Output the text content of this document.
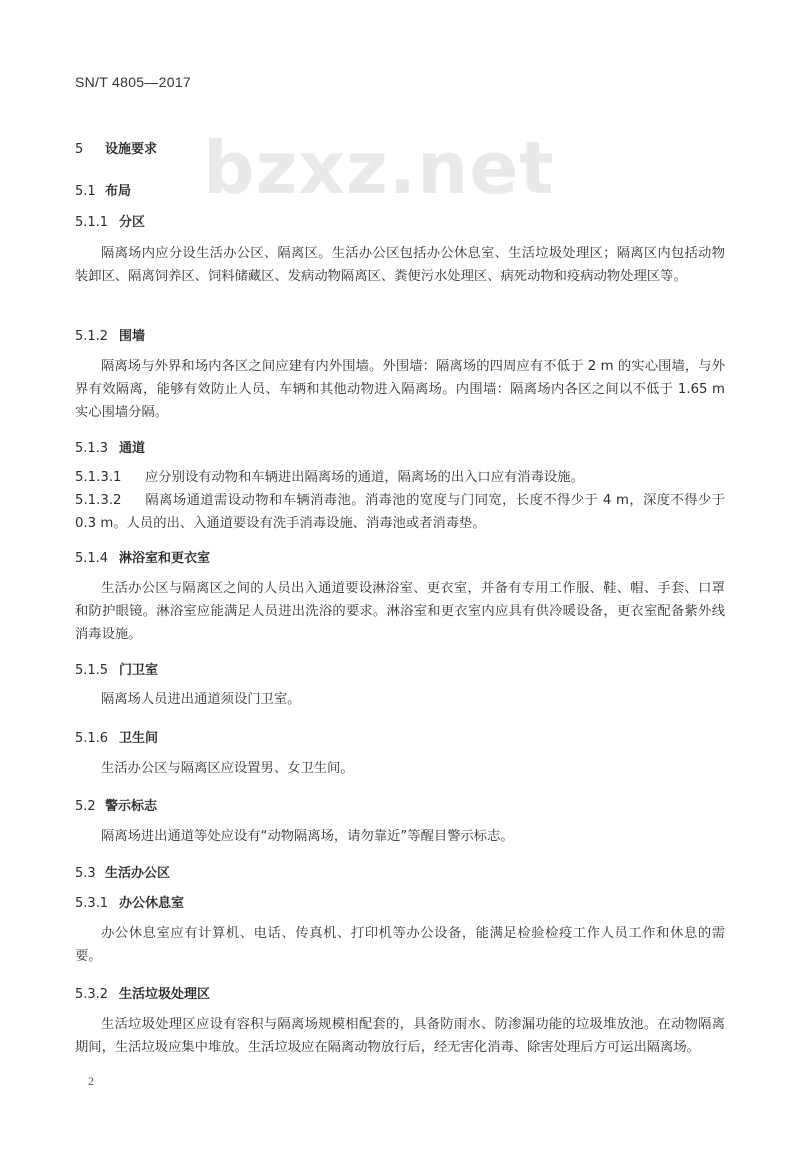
SN/T 4805—2017
bzxz.net
5 设施要求
5.1 布局
5.1.1 分区
隔离场内应分设生活办公区、隔离区。生活办公区包括办公休息室、生活垃圾处理区；隔离区内包括动物装卸区、隔离饲养区、饲料储藏区、发病动物隔离区、粪便污水处理区、病死动物和疫病动物处理区等。
5.1.2 围墙
隔离场与外界和场内各区之间应建有内外围墙。外围墙：隔离场的四周应有不低于 2 m 的实心围墙，与外界有效隔离，能够有效防止人员、车辆和其他动物进入隔离场。内围墙：隔离场内各区之间以不低于 1.65 m 实心围墙分隔。
5.1.3 通道
5.1.3.1 应分别设有动物和车辆进出隔离场的通道，隔离场的出入口应有消毒设施。
5.1.3.2 隔离场通道需设动物和车辆消毒池。消毒池的宽度与门同宽，长度不得少于 4 m，深度不得少于 0.3 m。人员的出、入通道要设有洗手消毒设施、消毒池或者消毒垫。
5.1.4 淋浴室和更衣室
生活办公区与隔离区之间的人员出入通道要设淋浴室、更衣室，并备有专用工作服、鞋、帽、手套、口罩和防护眼镜。淋浴室应能满足人员进出洗浴的要求。淋浴室和更衣室内应具有供冷暖设备，更衣室配备紫外线消毒设施。
5.1.5 门卫室
隔离场人员进出通道须设门卫室。
5.1.6 卫生间
生活办公区与隔离区应设置男、女卫生间。
5.2 警示标志
隔离场进出通道等处应设有“动物隔离场，请勿靠近”等醒目警示标志。
5.3 生活办公区
5.3.1 办公休息室
办公休息室应有计算机、电话、传真机、打印机等办公设备，能满足检验检疫工作人员工作和休息的需要。
5.3.2 生活垃圾处理区
生活垃圾处理区应设有容积与隔离场规模相配套的，具备防雨水、防渗漏功能的垃圾堆放池。在动物隔离期间，生活垃圾应集中堆放。生活垃圾应在隔离动物放行后，经无害化消毒、除害处理后方可运出隔离场。
2
